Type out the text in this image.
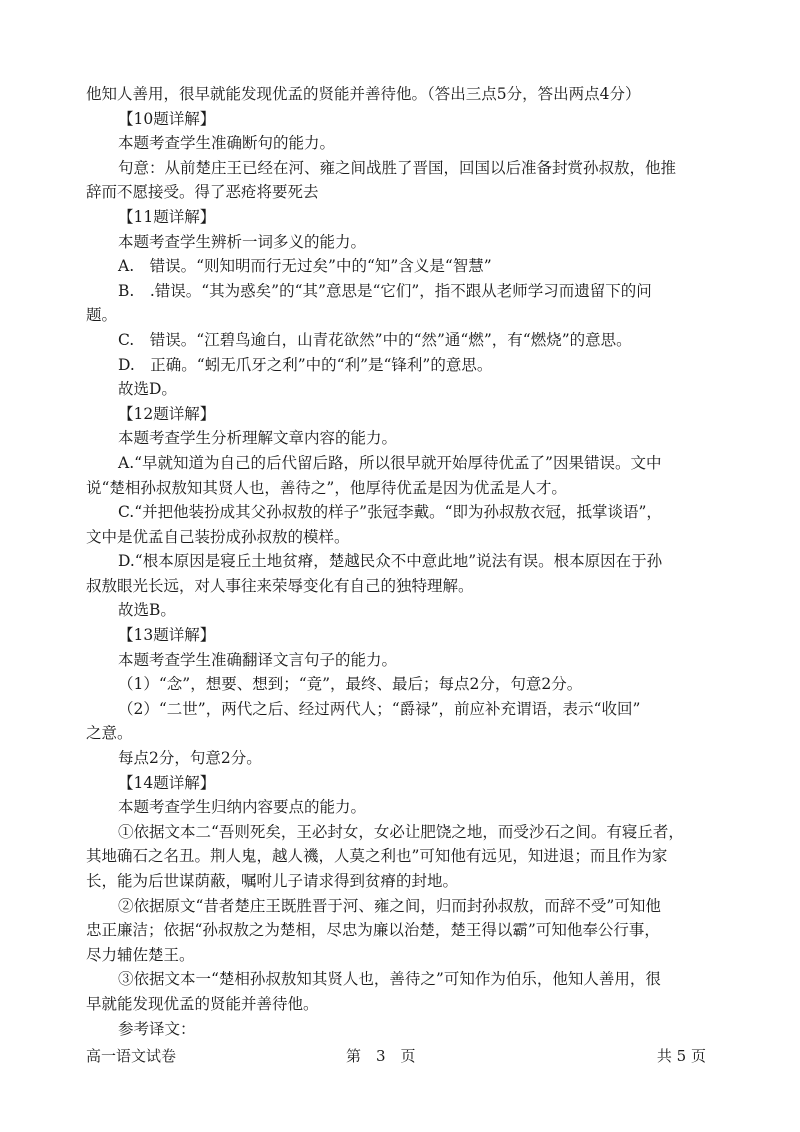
他知人善用，很早就能发现优孟的贤能并善待他。（答出三点5分，答出两点4分）
【10题详解】
本题考查学生准确断句的能力。
句意：从前楚庄王已经在河、雍之间战胜了晋国，回国以后准备封赏孙叔敖，他推
辞而不愿接受。得了恶疮将要死去
【11题详解】
本题考查学生辨析一词多义的能力。
A.　错误。“则知明而行无过矣”中的“知”含义是“智慧”
B.　.错误。“其为惑矣”的“其”意思是“它们”，指不跟从老师学习而遗留下的问
题。
C.　错误。“江碧鸟逾白，山青花欲然”中的“然”通“燃”，有“燃烧”的意思。
D.　正确。“蚓无爪牙之利”中的“利”是“锋利”的意思。
故选D。
【12题详解】
本题考查学生分析理解文章内容的能力。
A.“早就知道为自己的后代留后路，所以很早就开始厚待优孟了”因果错误。文中
说“楚相孙叔敖知其贤人也，善待之”，他厚待优孟是因为优孟是人才。
C.“并把他装扮成其父孙叔敖的样子”张冠李戴。“即为孙叔敖衣冠，抵掌谈语”，
文中是优孟自己装扮成孙叔敖的模样。
D.“根本原因是寝丘土地贫瘠，楚越民众不中意此地”说法有误。根本原因在于孙
叔敖眼光长远，对人事往来荣辱变化有自己的独特理解。
故选B。
【13题详解】
本题考查学生准确翻译文言句子的能力。
（1）“念”，想要、想到；“竟”，最终、最后；每点2分，句意2分。
（2）“二世”，两代之后、经过两代人；“爵禄”，前应补充谓语，表示“收回”
之意。
每点2分，句意2分。
【14题详解】
本题考查学生归纳内容要点的能力。
①依据文本二“吾则死矣，王必封女，女必让肥饶之地，而受沙石之间。有寝丘者，
其地确石之名丑。荆人鬼，越人禨，人莫之利也”可知他有远见，知进退；而且作为家
长，能为后世谋荫蔽，嘱咐儿子请求得到贫瘠的封地。
②依据原文“昔者楚庄王既胜晋于河、雍之间，归而封孙叔敖，而辞不受”可知他
忠正廉洁；依据“孙叔敖之为楚相，尽忠为廉以治楚，楚王得以霸”可知他奉公行事，
尽力辅佐楚王。
③依据文本一“楚相孙叔敖知其贤人也，善待之”可知作为伯乐，他知人善用，很
早就能发现优孟的贤能并善待他。
参考译文：
高一语文试卷	第　3　页	共 5 页
